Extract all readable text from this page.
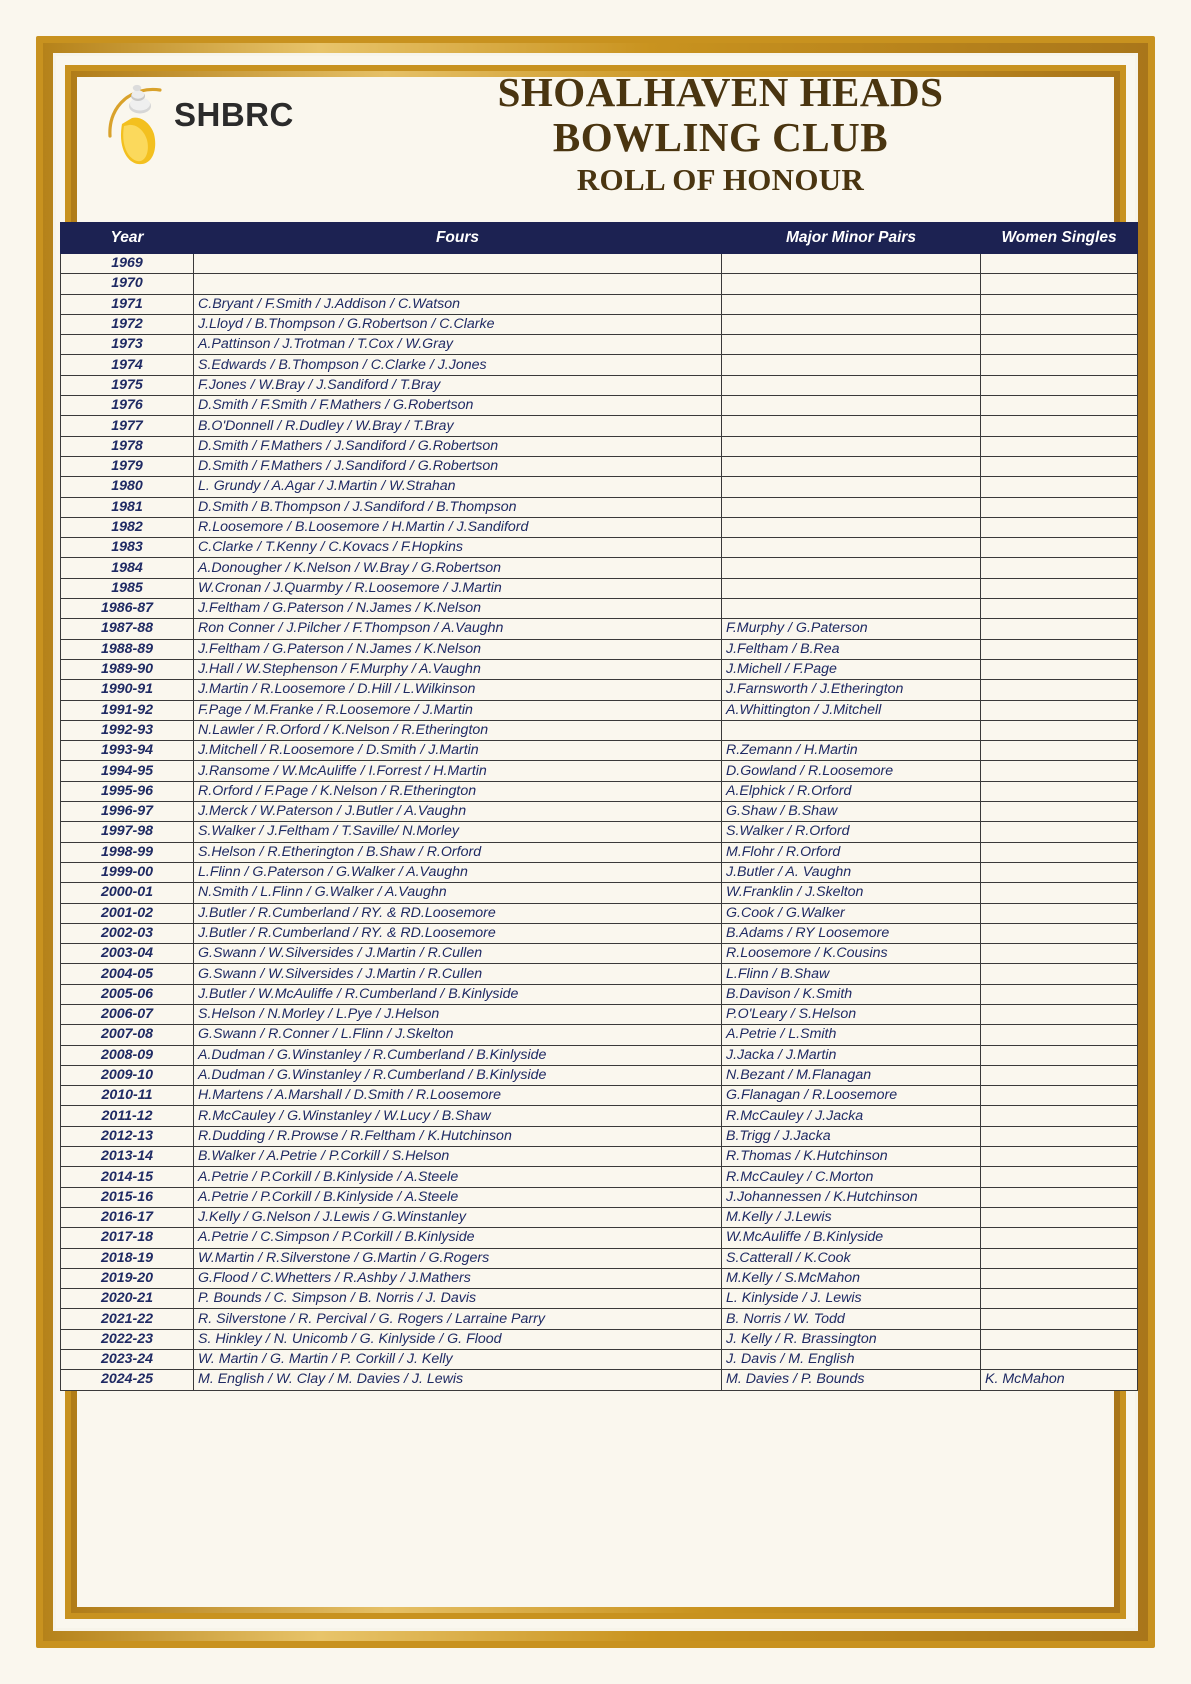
SHBRC	SHOALHAVEN HEADS
BOWLING CLUB
ROLL OF HONOUR
Year	Fours	Major Minor Pairs	Women Singles
1969			
1970			
1971	C.Bryant / F.Smith / J.Addison / C.Watson		
1972	J.Lloyd / B.Thompson / G.Robertson / C.Clarke		
1973	A.Pattinson / J.Trotman / T.Cox / W.Gray		
1974	S.Edwards / B.Thompson / C.Clarke / J.Jones		
1975	F.Jones / W.Bray / J.Sandiford / T.Bray		
1976	D.Smith / F.Smith / F.Mathers / G.Robertson		
1977	B.O'Donnell / R.Dudley / W.Bray / T.Bray		
1978	D.Smith / F.Mathers / J.Sandiford / G.Robertson		
1979	D.Smith / F.Mathers / J.Sandiford / G.Robertson		
1980	L. Grundy / A.Agar / J.Martin / W.Strahan		
1981	D.Smith / B.Thompson / J.Sandiford / B.Thompson		
1982	R.Loosemore / B.Loosemore / H.Martin / J.Sandiford		
1983	C.Clarke / T.Kenny / C.Kovacs / F.Hopkins		
1984	A.Donougher / K.Nelson / W.Bray / G.Robertson		
1985	W.Cronan / J.Quarmby / R.Loosemore / J.Martin		
1986-87	J.Feltham / G.Paterson / N.James / K.Nelson		
1987-88	Ron Conner / J.Pilcher / F.Thompson / A.Vaughn	F.Murphy / G.Paterson	
1988-89	J.Feltham / G.Paterson / N.James / K.Nelson	J.Feltham / B.Rea	
1989-90	J.Hall / W.Stephenson / F.Murphy / A.Vaughn	J.Michell / F.Page	
1990-91	J.Martin / R.Loosemore / D.Hill / L.Wilkinson	J.Farnsworth / J.Etherington	
1991-92	F.Page / M.Franke / R.Loosemore / J.Martin	A.Whittington / J.Mitchell	
1992-93	N.Lawler / R.Orford / K.Nelson / R.Etherington		
1993-94	J.Mitchell / R.Loosemore / D.Smith / J.Martin	R.Zemann / H.Martin	
1994-95	J.Ransome / W.McAuliffe / I.Forrest / H.Martin	D.Gowland / R.Loosemore	
1995-96	R.Orford / F.Page / K.Nelson / R.Etherington	A.Elphick / R.Orford	
1996-97	J.Merck / W.Paterson / J.Butler / A.Vaughn	G.Shaw / B.Shaw	
1997-98	S.Walker / J.Feltham / T.Saville/ N.Morley	S.Walker / R.Orford	
1998-99	S.Helson / R.Etherington / B.Shaw / R.Orford	M.Flohr / R.Orford	
1999-00	L.Flinn / G.Paterson / G.Walker / A.Vaughn	J.Butler / A. Vaughn	
2000-01	N.Smith / L.Flinn / G.Walker / A.Vaughn	W.Franklin / J.Skelton	
2001-02	J.Butler / R.Cumberland / RY. & RD.Loosemore	G.Cook / G.Walker	
2002-03	J.Butler / R.Cumberland / RY. & RD.Loosemore	B.Adams / RY Loosemore	
2003-04	G.Swann / W.Silversides / J.Martin / R.Cullen	R.Loosemore / K.Cousins	
2004-05	G.Swann / W.Silversides / J.Martin / R.Cullen	L.Flinn / B.Shaw	
2005-06	J.Butler / W.McAuliffe / R.Cumberland / B.Kinlyside	B.Davison / K.Smith	
2006-07	S.Helson / N.Morley / L.Pye / J.Helson	P.O'Leary / S.Helson	
2007-08	G.Swann / R.Conner / L.Flinn / J.Skelton	A.Petrie / L.Smith	
2008-09	A.Dudman / G.Winstanley / R.Cumberland / B.Kinlyside	J.Jacka / J.Martin	
2009-10	A.Dudman / G.Winstanley / R.Cumberland / B.Kinlyside	N.Bezant / M.Flanagan	
2010-11	H.Martens / A.Marshall / D.Smith / R.Loosemore	G.Flanagan / R.Loosemore	
2011-12	R.McCauley / G.Winstanley / W.Lucy / B.Shaw	R.McCauley / J.Jacka	
2012-13	R.Dudding / R.Prowse / R.Feltham / K.Hutchinson	B.Trigg / J.Jacka	
2013-14	B.Walker / A.Petrie / P.Corkill / S.Helson	R.Thomas / K.Hutchinson	
2014-15	A.Petrie / P.Corkill / B.Kinlyside / A.Steele	R.McCauley / C.Morton	
2015-16	A.Petrie / P.Corkill / B.Kinlyside / A.Steele	J.Johannessen / K.Hutchinson	
2016-17	J.Kelly / G.Nelson / J.Lewis / G.Winstanley	M.Kelly / J.Lewis	
2017-18	A.Petrie / C.Simpson / P.Corkill / B.Kinlyside	W.McAuliffe / B.Kinlyside	
2018-19	W.Martin / R.Silverstone / G.Martin / G.Rogers	S.Catterall / K.Cook	
2019-20	G.Flood / C.Whetters / R.Ashby / J.Mathers	M.Kelly / S.McMahon	
2020-21	P. Bounds / C. Simpson / B. Norris / J. Davis	L. Kinlyside / J. Lewis	
2021-22	R. Silverstone / R. Percival / G. Rogers / Larraine Parry	B. Norris / W. Todd	
2022-23	S. Hinkley / N. Unicomb / G. Kinlyside / G. Flood	J. Kelly / R. Brassington	
2023-24	W. Martin / G. Martin / P. Corkill / J. Kelly	J. Davis / M. English	
2024-25	M. English / W. Clay / M. Davies / J. Lewis	M. Davies / P. Bounds	K. McMahon
